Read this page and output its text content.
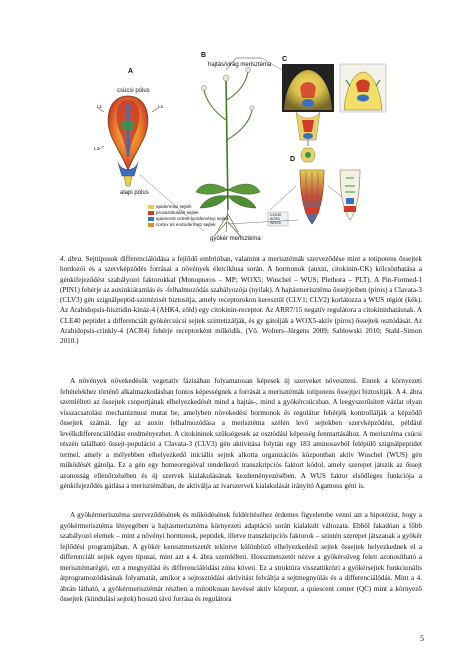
A
B
C
D
hajtás/virág merisztéma
csúcsi pólus
alapi pólus
gyökér merisztéma
L1	L2
L3
epidermisz sejtek
provaszkuláris sejtek
quiescent center kezdeményi sejtek
cortex és endodermisz sejtek
CLE40
ACR4
WOX5
4. ábra. Sejttípusok differenciálódása a fejlődő embrióban, valamint a merisztémák szerveződése mint a totipotens őssejtek hordozói és a szervképződés forrásai a növények életciklusa során. A hormonok (auxin, citokinin-CK) kölcsönhatása a génkifejeződést szabályozó faktorokkal (Monopteros – MP; WOX5; Wuschel – WUS; Plethora – PLT). A Pin-Formed-1 (PIN1) fehérje az auxinkiáramlás és -felhalmozódás szabályozója (nyilak). A hajtásmerisztéma őssejtjeiben (piros) a Clavata-3 (CLV3) gén szignálpeptid-szintézisét biztosítja, amely receptorokon keresztül (CLV1; CLV2) korlátozza a WUS régiót (kék). Az Arabidopsis-hisztidin-kináz-4 (AHK4, zöld) egy citokinin-receptor. Az ARR7/15 negatív regulátora a citokininhatásnak. A CLE40 peptidet a differenciált gyökércsúcsi sejtek szintetizálják, és gy gátolják a WOX5-aktív (piros) őssejtek osztódását. Az Arabidopsis-crinkly-4 (ACR4) fehérje receptorként működik. (Vö. Wolters–Jürgens 2009; Sablowski 2010; Stahl–Simon 2010.)

A növények növekedésük vegetatív fázisában folyamatosan képesek új szerveket növeszteni. Ennek a környezeti feltételekhez történő alkalmazkodásban fontos képességnek a forrását a merisztémák totipotens őssejtjei biztosítják. A 4. ábra szemlélteti az őssejtek csoportjának elhelyezkedését mind a hajtás-, mind a gyökércsúcsban. A leegyszerűsített vázlat olyan visszacsatolási mechanizmust mutat be, amelyben növekedési hormonok és regulátor fehérjék kontrollálják a képződő őssejtek számát. Így az auxin felhalmozódása a merisztéma szélén levő sejtekben szervképződést, például levélkdifferenciálódást eredményezhet. A citokininek szükségesek az osztódási képesség fenntartásához. A merisztéma csúcsi részén található őssejt-populáció a Clavata-3 (CLV3) gén aktivitása folytán egy 183 aminosavból felépülő szignálpeptidet termel, amely a mélyebben elhelyezkedő iniciális sejtek alkotta organizációs központban aktív Wuschel (WUS) gén működését gátolja. Ez a gén egy homeoregióval rendelkező transzkripciós faktort kódol, amely szerepet játszik az őssejt azonosság ellenőrzésében és új szervek kialakulásának kezdeményezésében. A WUS faktor elsődleges funkciója a génkifejeződés gátlása a merisztémában, de aktiválja az ivarszervek kialakulását irányító Agamous gént is.

A gyökérmerisztéma szerveződésének és működésének feldérítéséhez érdemes figyelembe venni azt a hipotézist, hogy a gyökérmerisztéma lényegében a hajtásmerisztéma környezeti adaptáció során kialakult változata. Ebből fakadóan a főbb szabályozó elemek – mint a növényi hormonok, peptidek, illetve transzkripciós faktorok – szintén szerepet játszanak a gyökér fejlődési programjában. A gyökér keresztmetszetét tekintve különböző elhelyezkedésű sejtek őssejtek helyezkednek el a differenciált sejtek egyes típusai, mint azt a 4. ábra szemlélteti. Hosszmetszetét nézve a gyökérsüveg felett azonosítható a merisztémarégió, ezt a megnyúlási és differenciálódási zóna követi. Ez a struktúra visszatükrözi a gyökérsejtek funkcionális átprogramozódásának folyamatát, amikor a sejtosztódási aktivitást felváltja a sejtmegnyúlás és a differenciálódás. Mint a 4. ábrán látható, a gyökérmerisztémát részben a mitotikusan kevéssé aktív központ, a quiescent center (QC) mint a környező őssejtek (kiindulási sejtek) hosszú távú forrása és regulátora

5
